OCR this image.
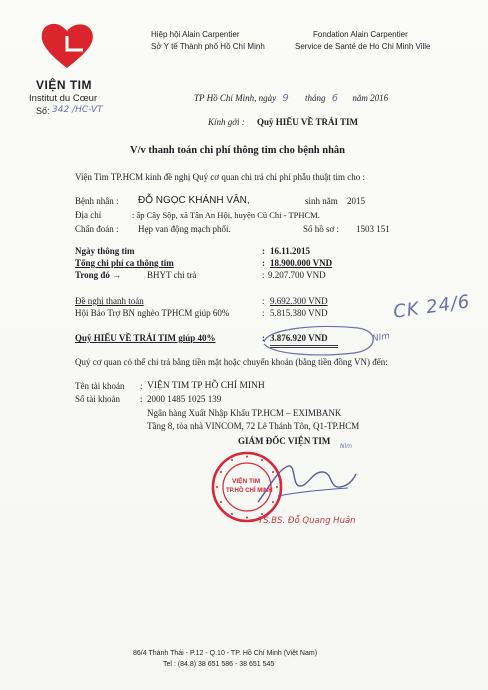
VIỆN TIM
Institut du Cœur
Số: 342 /HC-VT
Hiệp hội Alain Carpentier
Sở Y tế Thành phố Hồ Chí Minh
Fondation Alain Carpentier
Service de Santé de Ho Chi Minh Ville
TP Hồ Chí Minh, ngày 9 tháng 6 năm 2016
Kính gởi : Quỹ HIẾU VỀ TRÁI TIM
V/v thanh toán chi phí thông tim cho bệnh nhân
Viện Tim TP.HCM kính đề nghị Quý cơ quan chi trả chi phí phẫu thuật tim cho :
Bệnh nhân : ĐỖ NGỌC KHÁNH VÂN,	sinh năm 2015
Địa chỉ	: ấp Cây Sộp, xã Tân An Hội, huyện Củ Chi - TPHCM.
Chẩn đoán : Hẹp van động mạch phổi.	Số hồ sơ : 1503 151
Ngày thông tim	: 16.11.2015
Tổng chi phí ca thông tim	: 18.900.000 VND
Trong đó →	BHYT chi trả	: 9.207.700 VND
Đề nghị thanh toán	: 9.692.300 VND
Hội Bảo Trợ BN nghèo TPHCM giúp 60%	: 5.815.380 VND
Quỹ HIẾU VỀ TRÁI TIM giúp 40%	: 3.876.920 VND
CK 24/6
Nlm
Quý cơ quan có thể chi trả bằng tiền mặt hoặc chuyển khoản (bằng tiền đồng VN) đến:
Tên tài khoản : VIỆN TIM TP HỒ CHÍ MINH
Số tài khoản : 2000 1485 1025 139
Ngân hàng Xuất Nhập Khẩu TP.HCM – EXIMBANK
Tầng 8, tòa nhà VINCOM, 72 Lê Thánh Tôn, Q1-TP.HCM
GIÁM ĐỐC VIỆN TIM
Nlm
VIỆN TIM
TP.HỒ CHÍ MINH
TS.BS. Đỗ Quang Huân
86/4 Thành Thái - P.12 - Q.10 - TP. Hồ Chí Minh (Việt Nam)
Tel : (84.8) 38 651 586 - 38 651 545
